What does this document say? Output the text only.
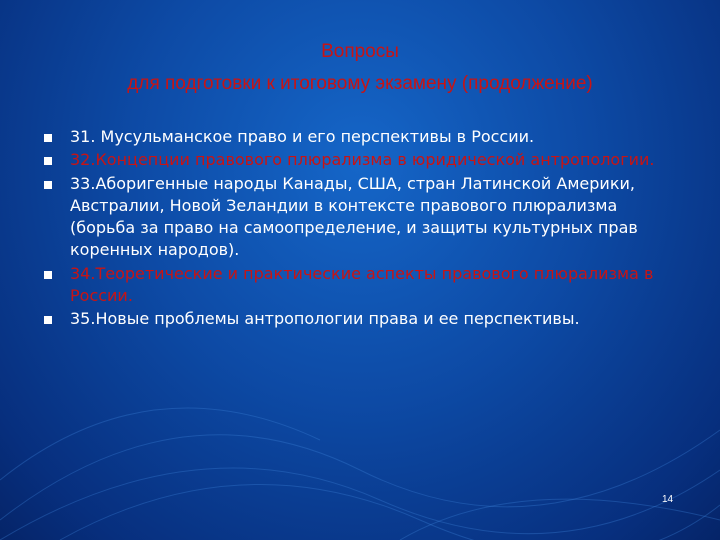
Вопросы
для подготовки к итоговому экзамену (продолжение)
31. Мусульманское право и его перспективы в России.
32.Концепции правового плюрализма в юридической антропологии.
33.Аборигенные народы Канады, США, стран Латинской Америки, Австралии, Новой Зеландии в контексте правового плюрализма (борьба за право на самоопределение, и защиты культурных прав коренных народов).
34.Теоретические и практические аспекты правового плюрализма в России.
35.Новые проблемы антропологии права и ее перспективы.
14
